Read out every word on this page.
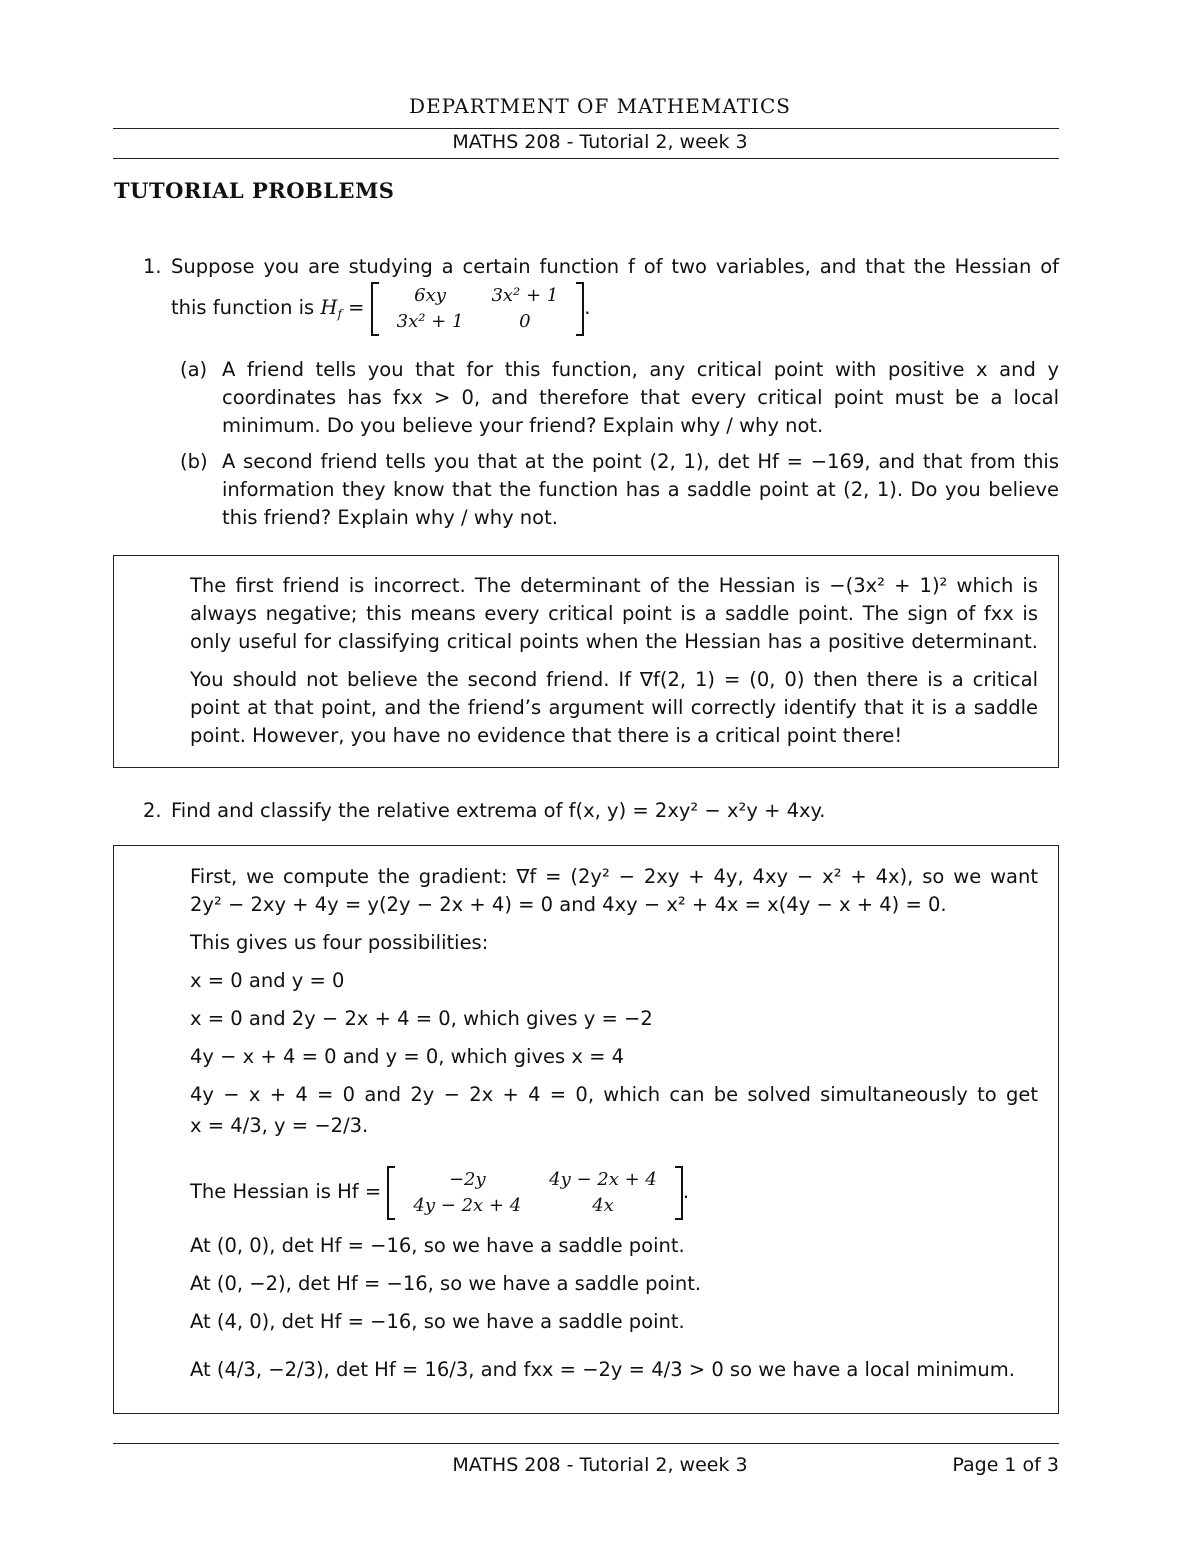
DEPARTMENT OF MATHEMATICS
MATHS 208 - Tutorial 2, week 3
TUTORIAL PROBLEMS
1. Suppose you are studying a certain function f of two variables, and that the Hessian of
this function is $H_f$ =
6xy	3x² + 1
3x² + 1	0
.
(a) A friend tells you that for this function, any critical point with positive x and y
coordinates has fxx > 0, and therefore that every critical point must be a local
minimum. Do you believe your friend? Explain why / why not.
(b) A second friend tells you that at the point (2, 1), det Hf = −169, and that from this
information they know that the function has a saddle point at (2, 1). Do you believe
this friend? Explain why / why not.
The first friend is incorrect. The determinant of the Hessian is −(3x² + 1)² which is
always negative; this means every critical point is a saddle point. The sign of fxx is
only useful for classifying critical points when the Hessian has a positive determinant.
You should not believe the second friend. If ∇f(2, 1) = (0, 0) then there is a critical
point at that point, and the friend’s argument will correctly identify that it is a saddle
point. However, you have no evidence that there is a critical point there!
2. Find and classify the relative extrema of f(x, y) = 2xy² − x²y + 4xy.
First, we compute the gradient: ∇f = (2y² − 2xy + 4y, 4xy − x² + 4x), so we want
2y² − 2xy + 4y = y(2y − 2x + 4) = 0 and 4xy − x² + 4x = x(4y − x + 4) = 0.
This gives us four possibilities:
x = 0 and y = 0
x = 0 and 2y − 2x + 4 = 0, which gives y = −2
4y − x + 4 = 0 and y = 0, which gives x = 4
4y − x + 4 = 0 and 2y − 2x + 4 = 0, which can be solved simultaneously to get
x = 4/3, y = −2/3.
The Hessian is Hf =
−2y	4y − 2x + 4
4y − 2x + 4	4x
.
At (0, 0), det Hf = −16, so we have a saddle point.
At (0, −2), det Hf = −16, so we have a saddle point.
At (4, 0), det Hf = −16, so we have a saddle point.
At (4/3, −2/3), det Hf = 16/3, and fxx = −2y = 4/3 > 0 so we have a local minimum.
MATHS 208 - Tutorial 2, week 3	Page 1 of 3
